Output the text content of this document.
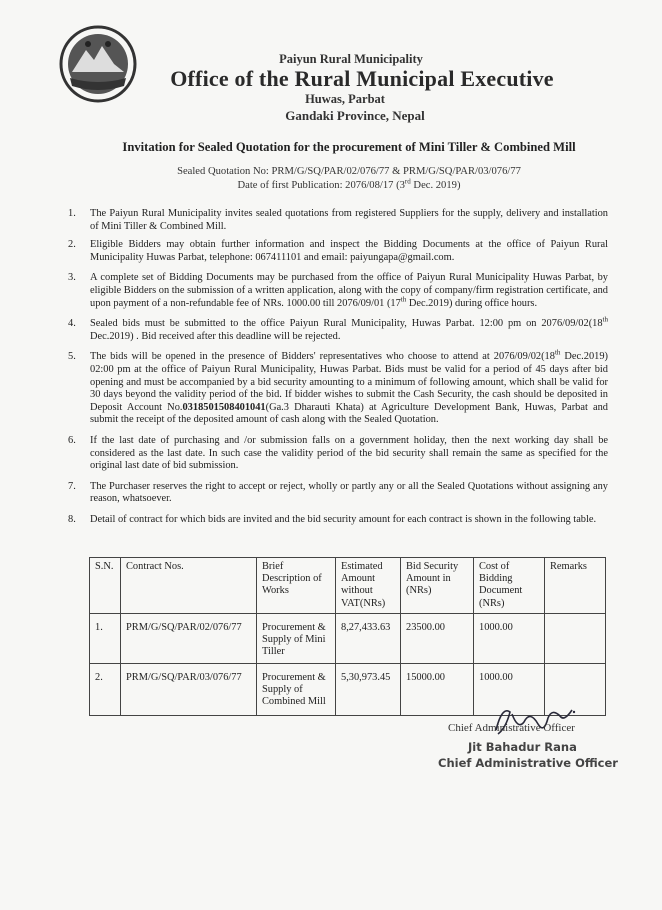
Paiyun Rural Municipality
Office of the Rural Municipal Executive
Huwas, Parbat
Gandaki Province, Nepal
Invitation for Sealed Quotation for the procurement of Mini Tiller & Combined Mill
Sealed Quotation No: PRM/G/SQ/PAR/02/076/77 & PRM/G/SQ/PAR/03/076/77
Date of first Publication: 2076/08/17 (3rd Dec. 2019)
1.	The Paiyun Rural Municipality invites sealed quotations from registered Suppliers for the supply, delivery and installation of Mini Tiller & Combined Mill.
2.	Eligible Bidders may obtain further information and inspect the Bidding Documents at the office of Paiyun Rural Municipality Huwas Parbat, telephone: 067411101 and email: paiyungapa@gmail.com.
3.	A complete set of Bidding Documents may be purchased from the office of Paiyun Rural Municipality Huwas Parbat, by eligible Bidders on the submission of a written application, along with the copy of company/firm registration certificate, and upon payment of a non-refundable fee of NRs. 1000.00 till 2076/09/01 (17th Dec.2019) during office hours.
4.	Sealed bids must be submitted to the office Paiyun Rural Municipality, Huwas Parbat. 12:00 pm on 2076/09/02(18th Dec.2019) . Bid received after this deadline will be rejected.
5.	The bids will be opened in the presence of Bidders' representatives who choose to attend at 2076/09/02(18th Dec.2019) 02:00 pm at the office of Paiyun Rural Municipality, Huwas Parbat. Bids must be valid for a period of 45 days after bid opening and must be accompanied by a bid security amounting to a minimum of following amount, which shall be valid for 30 days beyond the validity period of the bid. If bidder wishes to submit the Cash Security, the cash should be deposited in Deposit Account No.0318501508401041(Ga.3 Dharauti Khata) at Agriculture Development Bank, Huwas, Parbat and submit the receipt of the deposited amount of cash along with the Sealed Quotation.
6.	If the last date of purchasing and /or submission falls on a government holiday, then the next working day shall be considered as the last date. In such case the validity period of the bid security shall remain the same as specified for the original last date of bid submission.
7.	The Purchaser reserves the right to accept or reject, wholly or partly any or all the Sealed Quotations without assigning any reason, whatsoever.
8.	Detail of contract for which bids are invited and the bid security amount for each contract is shown in the following table.
S.N.	Contract Nos.	Brief Description of Works	Estimated Amount without VAT(NRs)	Bid Security Amount in (NRs)	Cost of Bidding Document (NRs)	Remarks
1.	PRM/G/SQ/PAR/02/076/77	Procurement & Supply of Mini Tiller	8,27,433.63	23500.00	1000.00	
2.	PRM/G/SQ/PAR/03/076/77	Procurement & Supply of Combined Mill	5,30,973.45	15000.00	1000.00	
Chief Administrative Officer
Jit Bahadur Rana
Chief Administrative Officer
